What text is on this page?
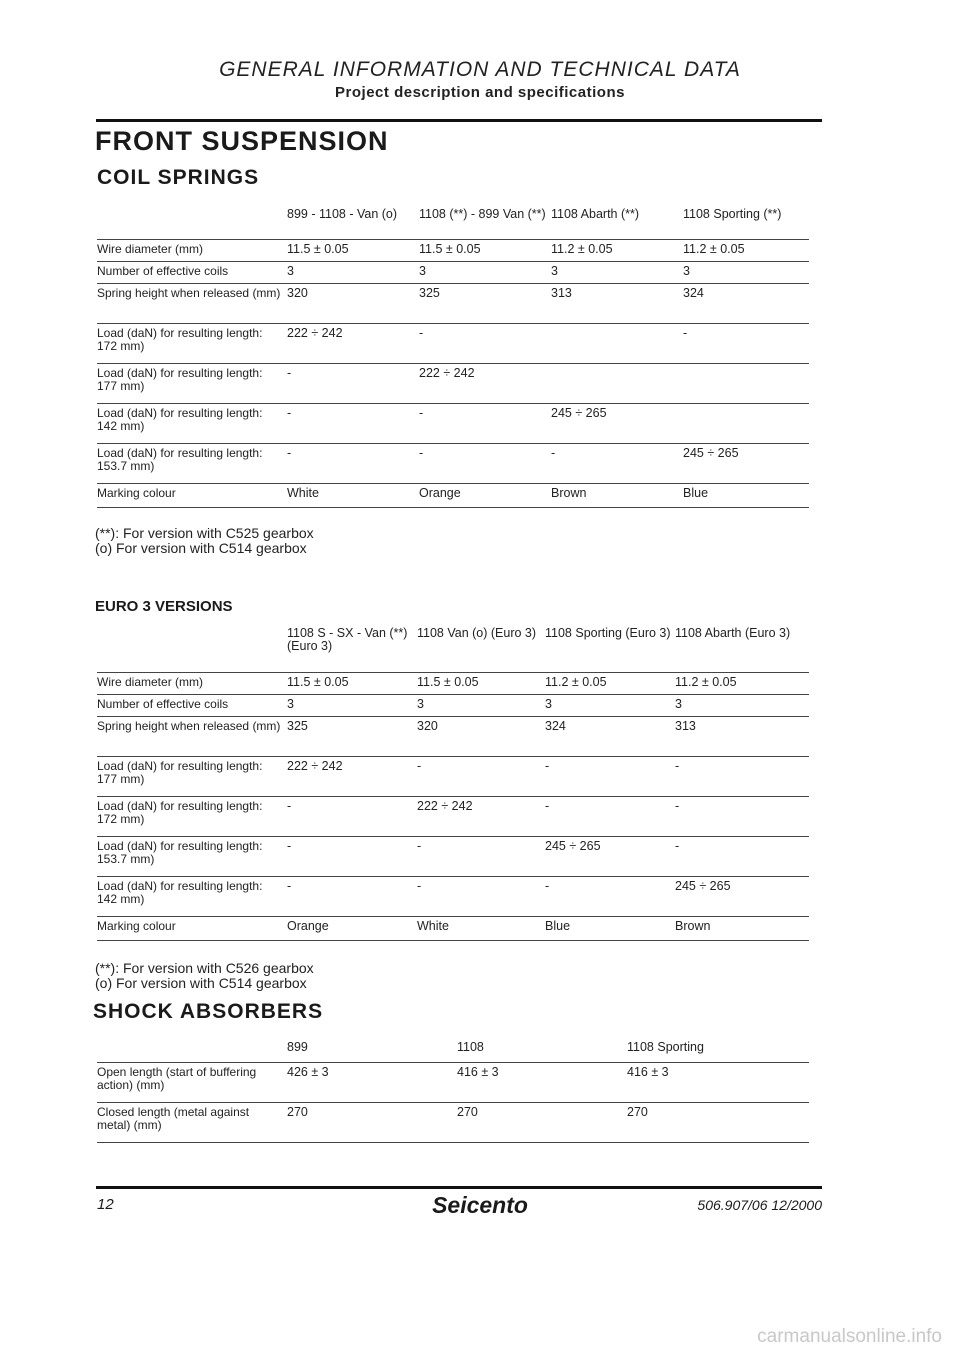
GENERAL INFORMATION AND TECHNICAL DATA
Project description and specifications
FRONT SUSPENSION
COIL SPRINGS
	899 - 1108 - Van (o)	1108 (**) - 899 Van (**)	1108 Abarth (**)	1108 Sporting (**)
Wire diameter (mm)	11.5 ± 0.05	11.5 ± 0.05	11.2 ± 0.05	11.2 ± 0.05
Number of effective coils	3	3	3	3
Spring height when released (mm)	320	325	313	324
Load (daN) for resulting length: 172 mm)	222 ÷ 242	-		-
Load (daN) for resulting length: 177 mm)	-	222 ÷ 242		
Load (daN) for resulting length: 142 mm)	-	-	245 ÷ 265	
Load (daN) for resulting length: 153.7 mm)	-	-	-	245 ÷ 265
Marking colour	White	Orange	Brown	Blue
(**): For version with C525 gearbox
(o) For version with C514 gearbox
EURO 3 VERSIONS
	1108 S - SX - Van (**) (Euro 3)	1108 Van (o) (Euro 3)	1108 Sporting (Euro 3)	1108 Abarth (Euro 3)
Wire diameter (mm)	11.5 ± 0.05	11.5 ± 0.05	11.2 ± 0.05	11.2 ± 0.05
Number of effective coils	3	3	3	3
Spring height when released (mm)	325	320	324	313
Load (daN) for resulting length: 177 mm)	222 ÷ 242	-	-	-
Load (daN) for resulting length: 172 mm)	-	222 ÷ 242	-	-
Load (daN) for resulting length: 153.7 mm)	-	-	245 ÷ 265	-
Load (daN) for resulting length: 142 mm)	-	-	-	245 ÷ 265
Marking colour	Orange	White	Blue	Brown
(**): For version with C526 gearbox
(o) For version with C514 gearbox
SHOCK ABSORBERS
	899	1108	1108 Sporting
Open length (start of buffering action) (mm)	426 ± 3	416 ± 3	416 ± 3
Closed length (metal against metal) (mm)	270	270	270
12	Seicento	506.907/06 12/2000
carmanualsonline.info
